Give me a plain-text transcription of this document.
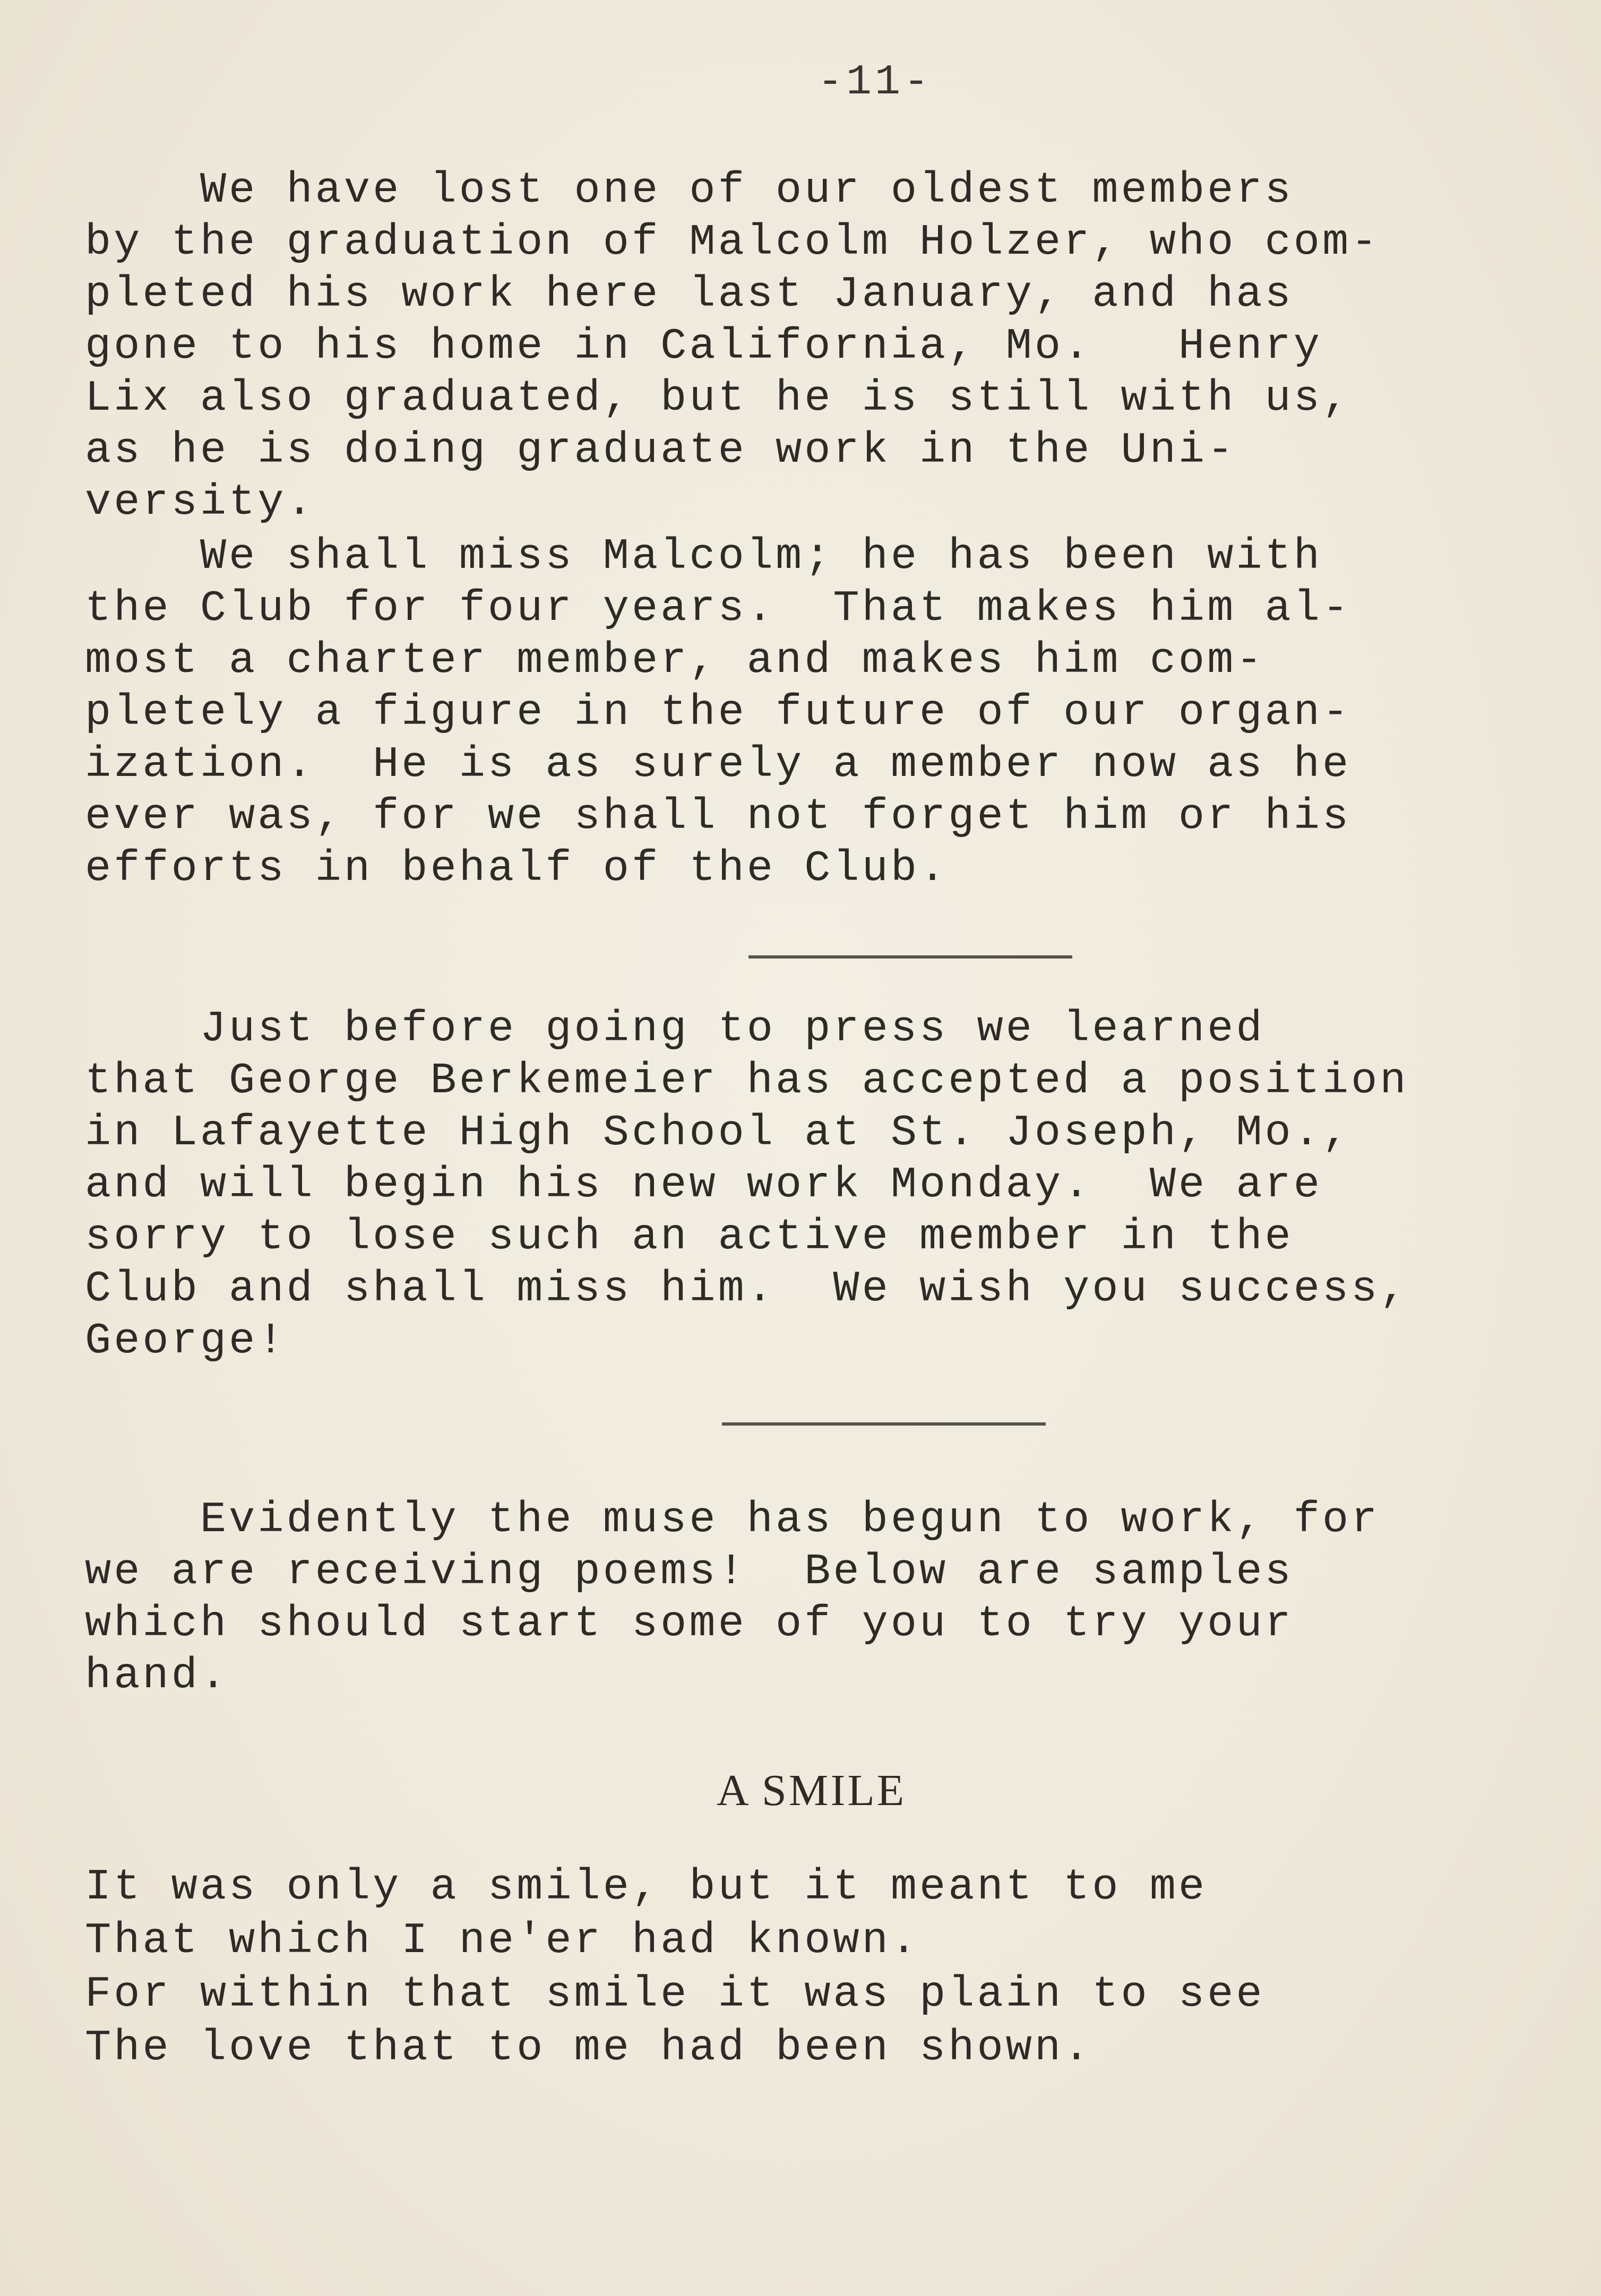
-11-
We have lost one of our oldest members
by the graduation of Malcolm Holzer, who com-
pleted his work here last January, and has
gone to his home in California, Mo.   Henry
Lix also graduated, but he is still with us,
as he is doing graduate work in the Uni-
versity.
We shall miss Malcolm; he has been with
the Club for four years.  That makes him al-
most a charter member, and makes him com-
pletely a figure in the future of our organ-
ization.  He is as surely a member now as he
ever was, for we shall not forget him or his
efforts in behalf of the Club.
Just before going to press we learned
that George Berkemeier has accepted a position
in Lafayette High School at St. Joseph, Mo.,
and will begin his new work Monday.  We are
sorry to lose such an active member in the
Club and shall miss him.  We wish you success,
George!
Evidently the muse has begun to work, for
we are receiving poems!  Below are samples
which should start some of you to try your
hand.
A SMILE
It was only a smile, but it meant to me
That which I ne'er had known.
For within that smile it was plain to see
The love that to me had been shown.
